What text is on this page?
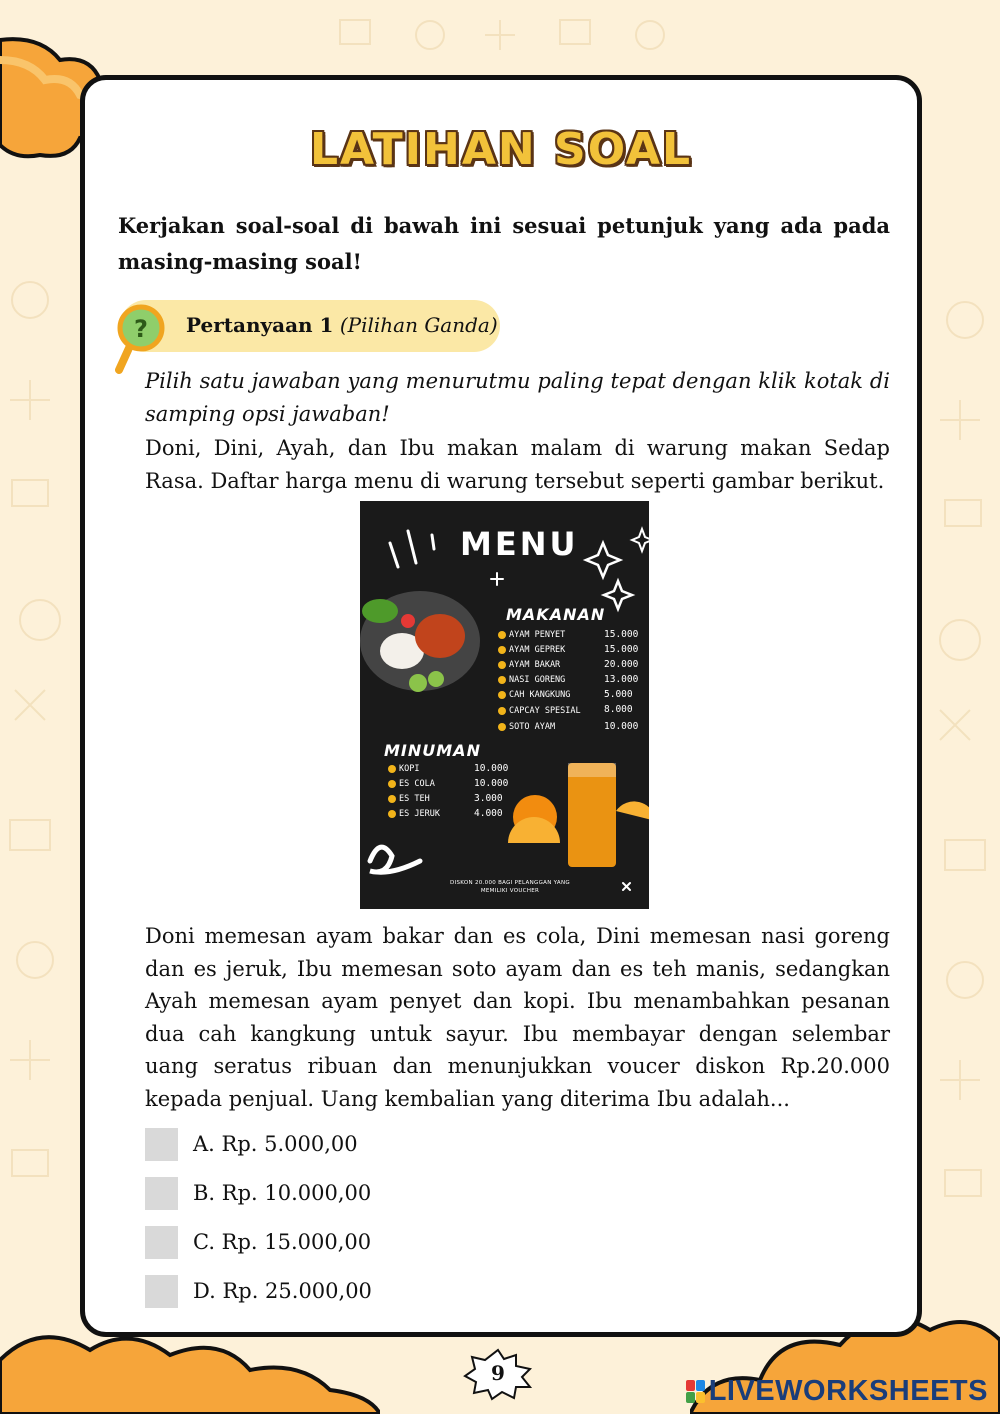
LATIHAN SOAL

Kerjakan soal-soal di bawah ini sesuai petunjuk yang ada pada masing-masing soal!

? Pertanyaan 1 (Pilihan Ganda)

Pilih satu jawaban yang menurutmu paling tepat dengan klik kotak di samping opsi jawaban!

Doni, Dini, Ayah, dan Ibu makan malam di warung makan Sedap Rasa. Daftar harga menu di warung tersebut seperti gambar berikut.

MENU
MAKANAN
MINUMAN
AYAM PENYET
AYAM GEPREK
AYAM BAKAR
NASI GORENG
CAH KANGKUNG
CAPCAY SPESIAL
SOTO AYAM
15.000
15.000
20.000
13.000
5.000
8.000
10.000
KOPI
ES COLA
ES TEH
ES JERUK
10.000
10.000
3.000
4.000
DISKON 20.000 BAGI PELANGGAN YANG MEMILIKI VOUCHER

Doni memesan ayam bakar dan es cola, Dini memesan nasi goreng dan es jeruk, Ibu memesan soto ayam dan es teh manis, sedangkan Ayah memesan ayam penyet dan kopi. Ibu menambahkan pesanan dua cah kangkung untuk sayur. Ibu membayar dengan selembar uang seratus ribuan dan menunjukkan voucer diskon Rp.20.000 kepada penjual. Uang kembalian yang diterima Ibu adalah...

A. Rp. 5.000,00
B. Rp. 10.000,00
C. Rp. 15.000,00
D. Rp. 25.000,00
9
LIVEWORKSHEETS
